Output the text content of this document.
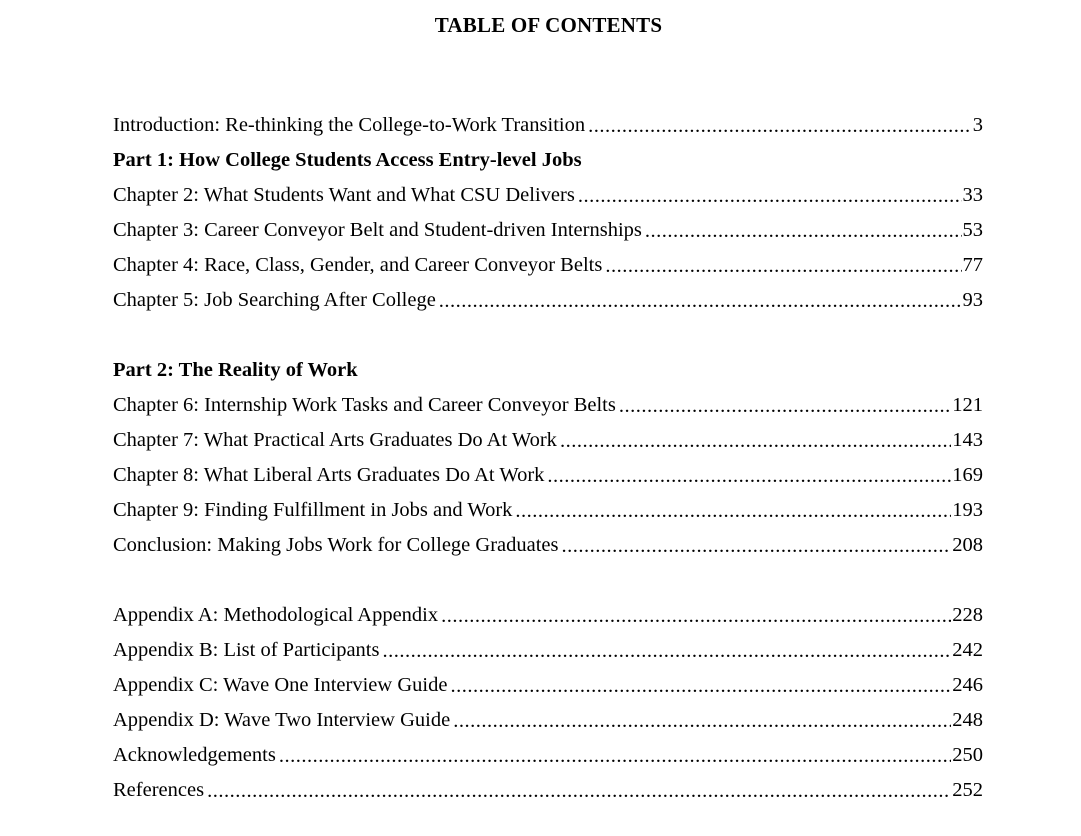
TABLE OF CONTENTS
Introduction: Re-thinking the College-to-Work Transition .....	3
Part 1: How College Students Access Entry-level Jobs
Chapter 2: What Students Want and What CSU Delivers .....	33
Chapter 3: Career Conveyor Belt and Student-driven Internships .....	53
Chapter 4: Race, Class, Gender, and Career Conveyor Belts .....	77
Chapter 5: Job Searching After College .....	93
Part 2: The Reality of Work
Chapter 6: Internship Work Tasks and Career Conveyor Belts .....	121
Chapter 7: What Practical Arts Graduates Do At Work .....	143
Chapter 8: What Liberal Arts Graduates Do At Work .....	169
Chapter 9: Finding Fulfillment in Jobs and Work .....	193
Conclusion: Making Jobs Work for College Graduates .....	208
Appendix A: Methodological Appendix .....	228
Appendix B: List of Participants .....	242
Appendix C: Wave One Interview Guide .....	246
Appendix D: Wave Two Interview Guide .....	248
Acknowledgements .....	250
References .....	252
